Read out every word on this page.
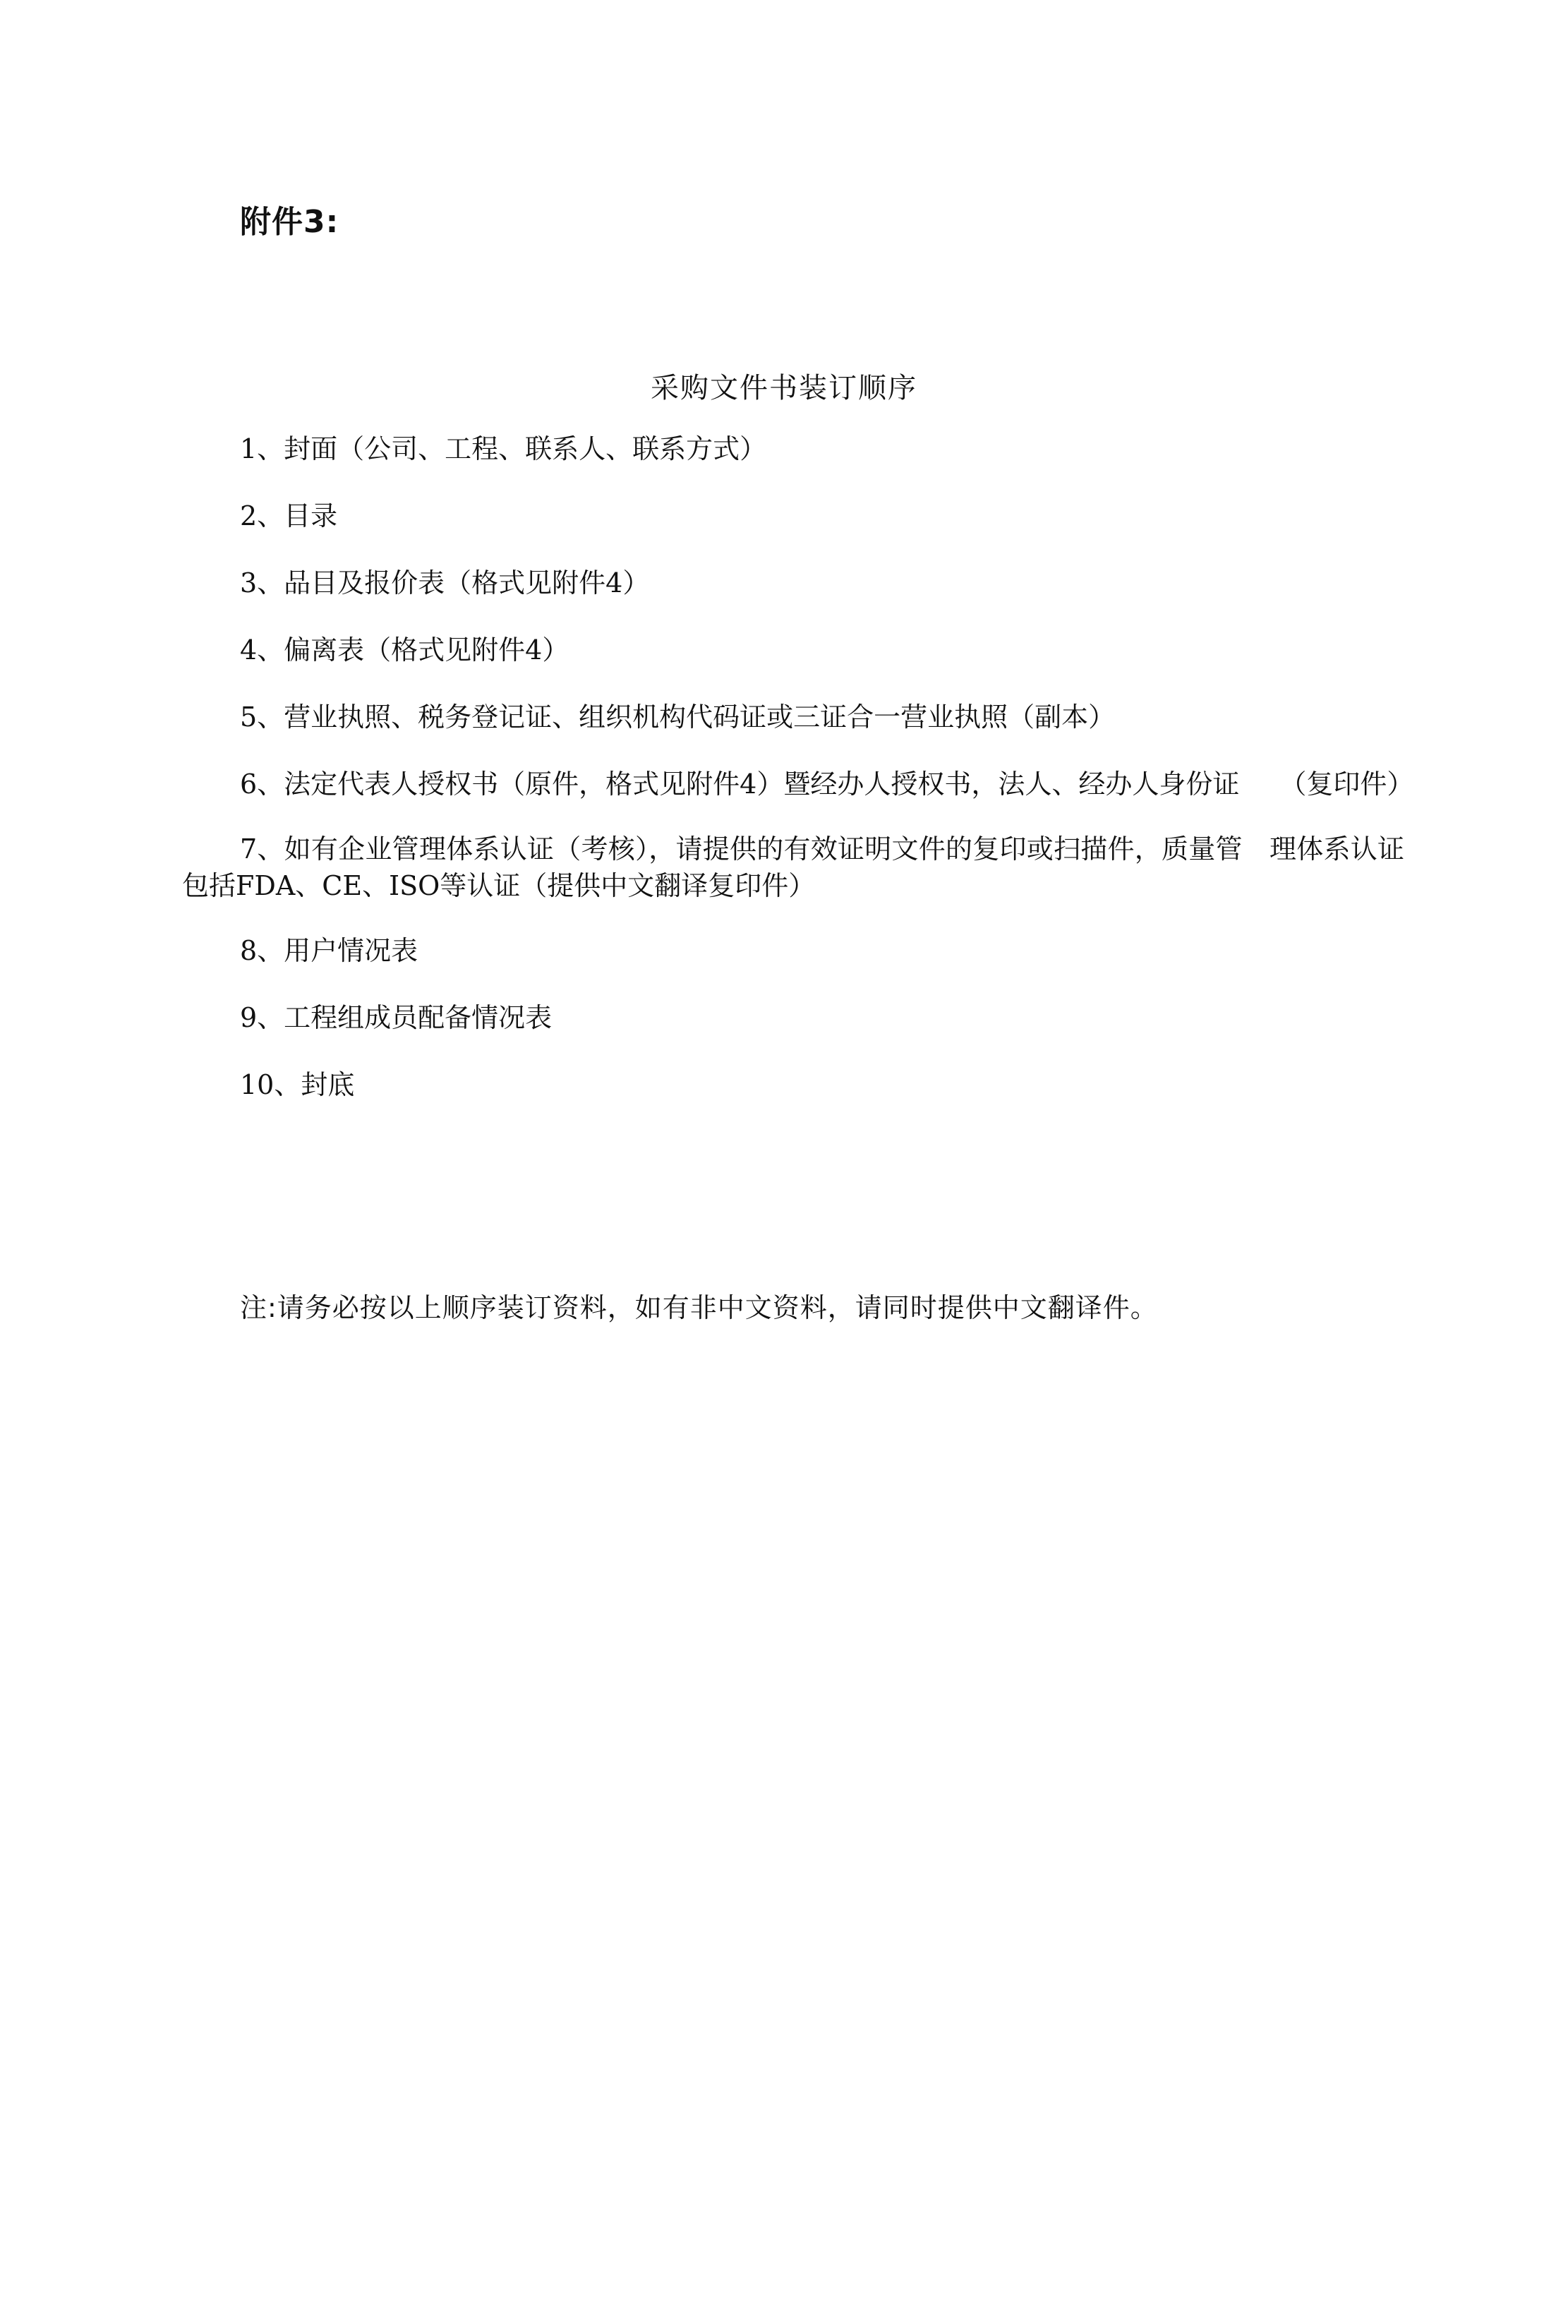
附件3:
采购文件书装订顺序

1、封面（公司、工程、联系人、联系方式）

2、目录

3、品目及报价表（格式见附件4）

4、偏离表（格式见附件4）

5、营业执照、税务登记证、组织机构代码证或三证合一营业执照（副本）

6、法定代表人授权书（原件，格式见附件4）暨经办人授权书，法人、经办人身份证　　（复印件）

7、如有企业管理体系认证（考核），请提供的有效证明文件的复印或扫描件，质量管　理体系认证包括FDA、CE、ISO等认证（提供中文翻译复印件）

8、用户情况表

9、工程组成员配备情况表

10、封底

注:请务必按以上顺序装订资料，如有非中文资料，请同时提供中文翻译件。
